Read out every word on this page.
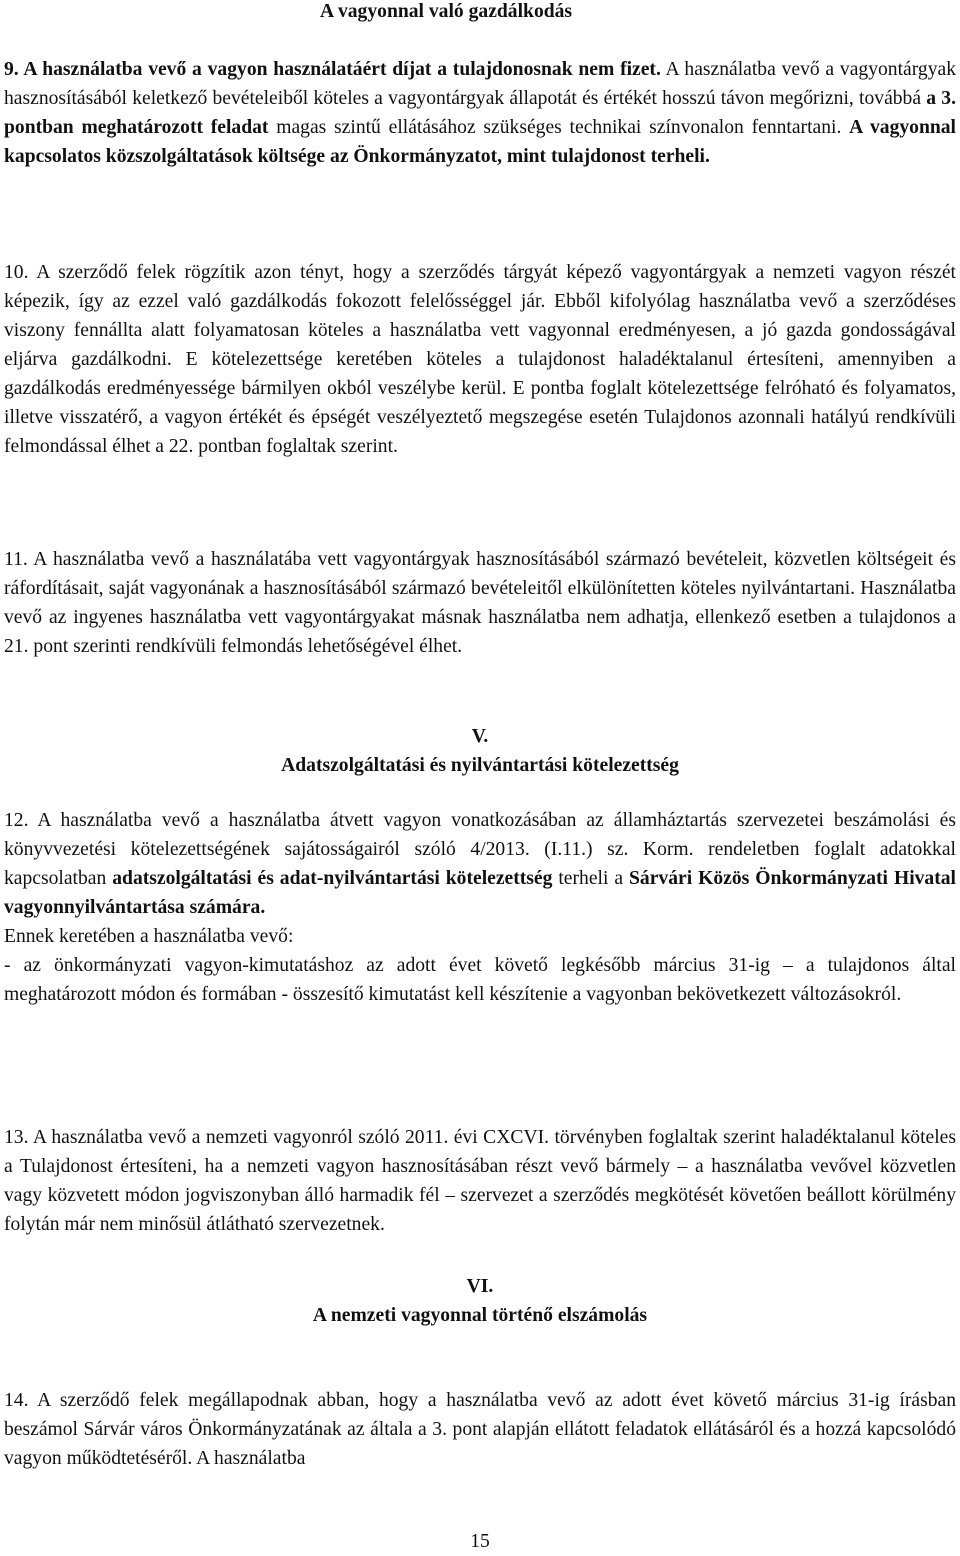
A vagyonnal való gazdálkodás

9. A használatba vevő a vagyon használatáért díjat a tulajdonosnak nem fizet. A használatba vevő a vagyontárgyak hasznosításából keletkező bevételeiből köteles a vagyontárgyak állapotát és értékét hosszú távon megőrizni, továbbá a 3. pontban meghatározott feladat magas szintű ellátásához szükséges technikai színvonalon fenntartani. A vagyonnal kapcsolatos közszolgáltatások költsége az Önkormányzatot, mint tulajdonost terheli.

10. A szerződő felek rögzítik azon tényt, hogy a szerződés tárgyát képező vagyontárgyak a nemzeti vagyon részét képezik, így az ezzel való gazdálkodás fokozott felelősséggel jár. Ebből kifolyólag használatba vevő a szerződéses viszony fennállta alatt folyamatosan köteles a használatba vett vagyonnal eredményesen, a jó gazda gondosságával eljárva gazdálkodni. E kötelezettsége keretében köteles a tulajdonost haladéktalanul értesíteni, amennyiben a gazdálkodás eredményessége bármilyen okból veszélybe kerül. E pontba foglalt kötelezettsége felróható és folyamatos, illetve visszatérő, a vagyon értékét és épségét veszélyeztető megszegése esetén Tulajdonos azonnali hatályú rendkívüli felmondással élhet a 22. pontban foglaltak szerint.

11. A használatba vevő a használatába vett vagyontárgyak hasznosításából származó bevételeit, közvetlen költségeit és ráfordításait, saját vagyonának a hasznosításából származó bevételeitől elkülönítetten köteles nyilvántartani. Használatba vevő az ingyenes használatba vett vagyontárgyakat másnak használatba nem adhatja, ellenkező esetben a tulajdonos a 21. pont szerinti rendkívüli felmondás lehetőségével élhet.

V.

Adatszolgáltatási és nyilvántartási kötelezettség

12. A használatba vevő a használatba átvett vagyon vonatkozásában az államháztartás szervezetei beszámolási és könyvvezetési kötelezettségének sajátosságairól szóló 4/2013. (I.11.) sz. Korm. rendeletben foglalt adatokkal kapcsolatban adatszolgáltatási és adat-nyilvántartási kötelezettség terheli a Sárvári Közös Önkormányzati Hivatal vagyonnyilvántartása számára.

Ennek keretében a használatba vevő:

- az önkormányzati vagyon-kimutatáshoz az adott évet követő legkésőbb március 31-ig – a tulajdonos által meghatározott módon és formában - összesítő kimutatást kell készítenie a vagyonban bekövetkezett változásokról.

13. A használatba vevő a nemzeti vagyonról szóló 2011. évi CXCVI. törvényben foglaltak szerint haladéktalanul köteles a Tulajdonost értesíteni, ha a nemzeti vagyon hasznosításában részt vevő bármely – a használatba vevővel közvetlen vagy közvetett módon jogviszonyban álló harmadik fél – szervezet a szerződés megkötését követően beállott körülmény folytán már nem minősül átlátható szervezetnek.

VI.

A nemzeti vagyonnal történő elszámolás

14. A szerződő felek megállapodnak abban, hogy a használatba vevő az adott évet követő március 31-ig írásban beszámol Sárvár város Önkormányzatának az általa a 3. pont alapján ellátott feladatok ellátásáról és a hozzá kapcsolódó vagyon működtetéséről. A használatba

15
